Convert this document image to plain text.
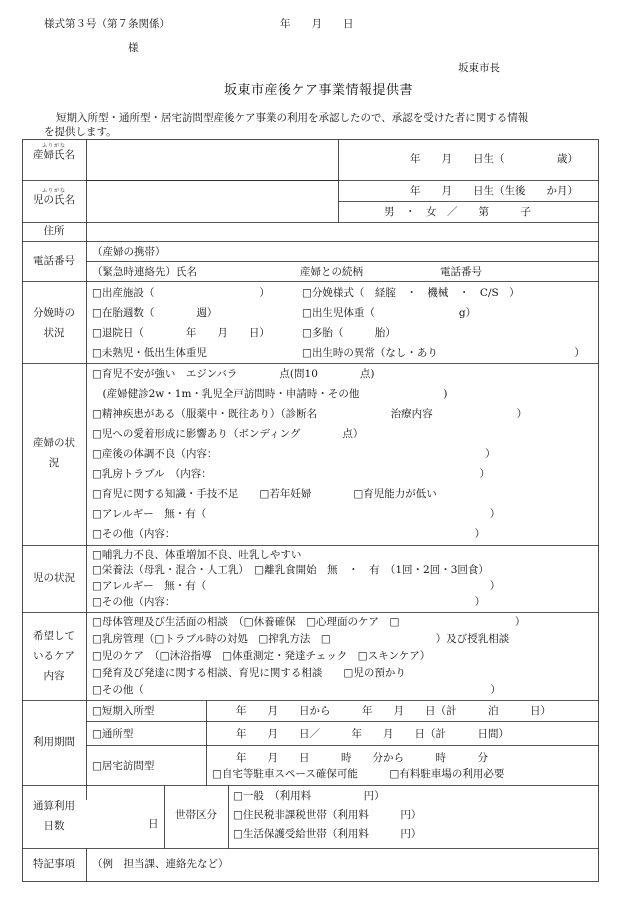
様式第３号（第７条関係）	年　　月　　日
様
坂東市長
坂東市産後ケア事業情報提供書
短期入所型・通所型・居宅訪問型産後ケア事業の利用を承認したので、承認を受けた者に関する情報
を提供します。
ふりがな
産婦氏名	年　　月　　日生（　　　　　歳）
ふりがな
児の氏名
年　　月　　日生（生後　　か月）
男　・　女　／　　第　　　子
住所
電話番号
（産婦の携帯）
（緊急時連絡先）氏名	産婦との続柄	電話番号
分娩時の
状況
□出産施設（　　　　　　　　　　）	□分娩様式（　経腟　・　機械　・　C/S　）
□在胎週数（　　　　週）	□出生児体重（　　　　　　　　g）
□退院日（　　　　年　　月　　日）	□多胎（　　　胎）
□未熟児・低出生体重児	□出生時の異常（なし・あり　　　　　　　　　　　　　）
産婦の状
況
□育児不安が強い　エジンバラ　　　　点(問10　　　　点)
　(産婦健診2w・1m・乳児全戸訪問時・申請時・その他　　　　　　　　)
□精神疾患がある（服薬中・既往あり）（診断名　　　　　　　治療内容　　　　　　　　）
□児への愛着形成に影響あり（ボンディング　　　　点）
□産後の体調不良（内容：　　　　　　　　　　　　　　　　　　　　　　　　　　）
□乳房トラブル　（内容：　　　　　　　　　　　　　　　　　　　　　　　　　　）
□育児に関する知識・手技不足　　□若年妊婦　　　　□育児能力が低い
□アレルギー　無・有（　　　　　　　　　　　　　　　　　　　　　　　　　　　）
□その他（内容：　　　　　　　　　　　　　　　　　　　　　　　　　　　　　）
児の状況
□哺乳力不良、体重増加不良、吐乳しやすい
□栄養法（母乳・混合・人工乳）　□離乳食開始　無　・　有　（1回・2回・3回食）
□アレルギー　無・有（　　　　　　　　　　　　　　　　　　　　　　　　　　　）
□その他（内容：　　　　　　　　　　　　　　　　　　　　　　　　　　　　　）
希望して
いるケア
内容
□母体管理及び生活面の相談　（□休養確保　□心理面のケア　□　　　　　　　　　　　）
□乳房管理（□トラブル時の対処　□搾乳方法　□　　　　　　　　　　）及び授乳相談
□児のケア　（□沐浴指導　□体重測定・発達チェック　□スキンケア）
□発育及び発達に関する相談、育児に関する相談　　□児の預かり
□その他（　　　　　　　　　　　　　　　　　　　　　　　　　　　　　　　　　）
利用期間
□短期入所型	年　　月　　日から　　　年　　月　　日（計　　　泊　　　日）
□通所型	年　　月　　日／　　　年　　月　　日（計　　　日間）
□居宅訪問型
年　　月　　日　　　時　　分から　　　時　　　分
□自宅等駐車スペース確保可能　　　□有料駐車場の利用必要
通算利用
日数	日
世帯区分
□一般　（利用料　　　　　円）
□住民税非課税世帯（利用料　　　円）
□生活保護受給世帯（利用料　　　円）
特記事項	（例　担当課、連絡先など）
